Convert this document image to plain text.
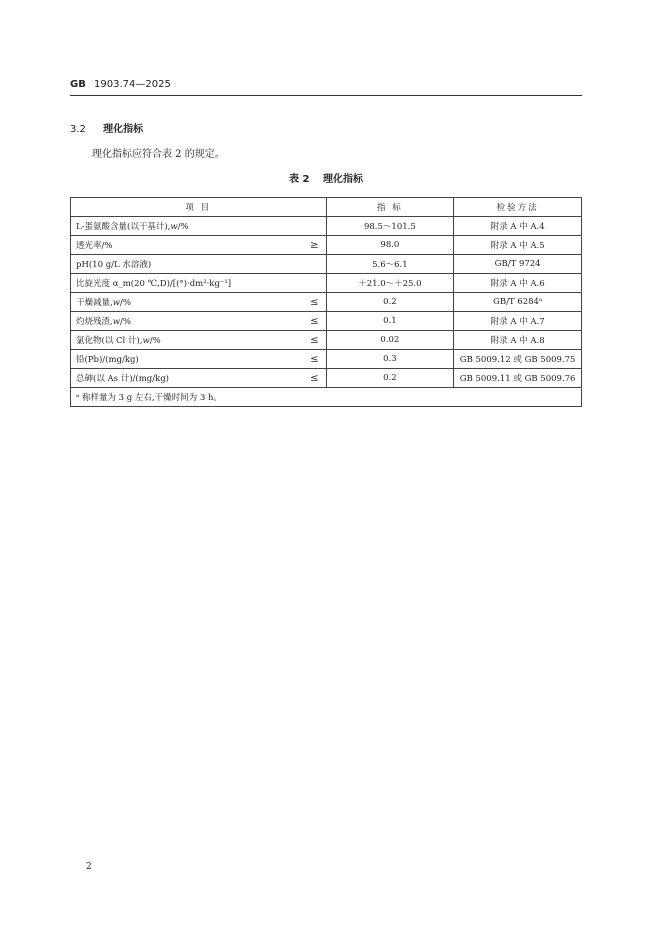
GB 1903.74—2025
3.2 理化指标
理化指标应符合表 2 的规定。
表 2 理化指标
项 目	指 标	检验方法

L-蛋氨酸含量(以干基计),𝑤/%	98.5～101.5	附录 A 中 A.4

透光率/% ≥	98.0	附录 A 中 A.5

pH(10 g/L 水溶液)	5.6～6.1	GB/T 9724

比旋光度 α_m(20 ℃,D)/[(°)·dm²·kg⁻¹]	＋21.0～＋25.0	附录 A 中 A.6

干燥减量,𝑤/% ≤	0.2	GB/T 6284ᵃ

灼烧残渣,𝑤/% ≤	0.1	附录 A 中 A.7

氯化物(以 Cl 计),𝑤/% ≤	0.02	附录 A 中 A.8

铅(Pb)/(mg/kg) ≤	0.3	GB 5009.12 或 GB 5009.75

总砷(以 As 计)/(mg/kg) ≤	0.2	GB 5009.11 或 GB 5009.76
ᵃ 称样量为 3 g 左右,干燥时间为 3 h。		
2
